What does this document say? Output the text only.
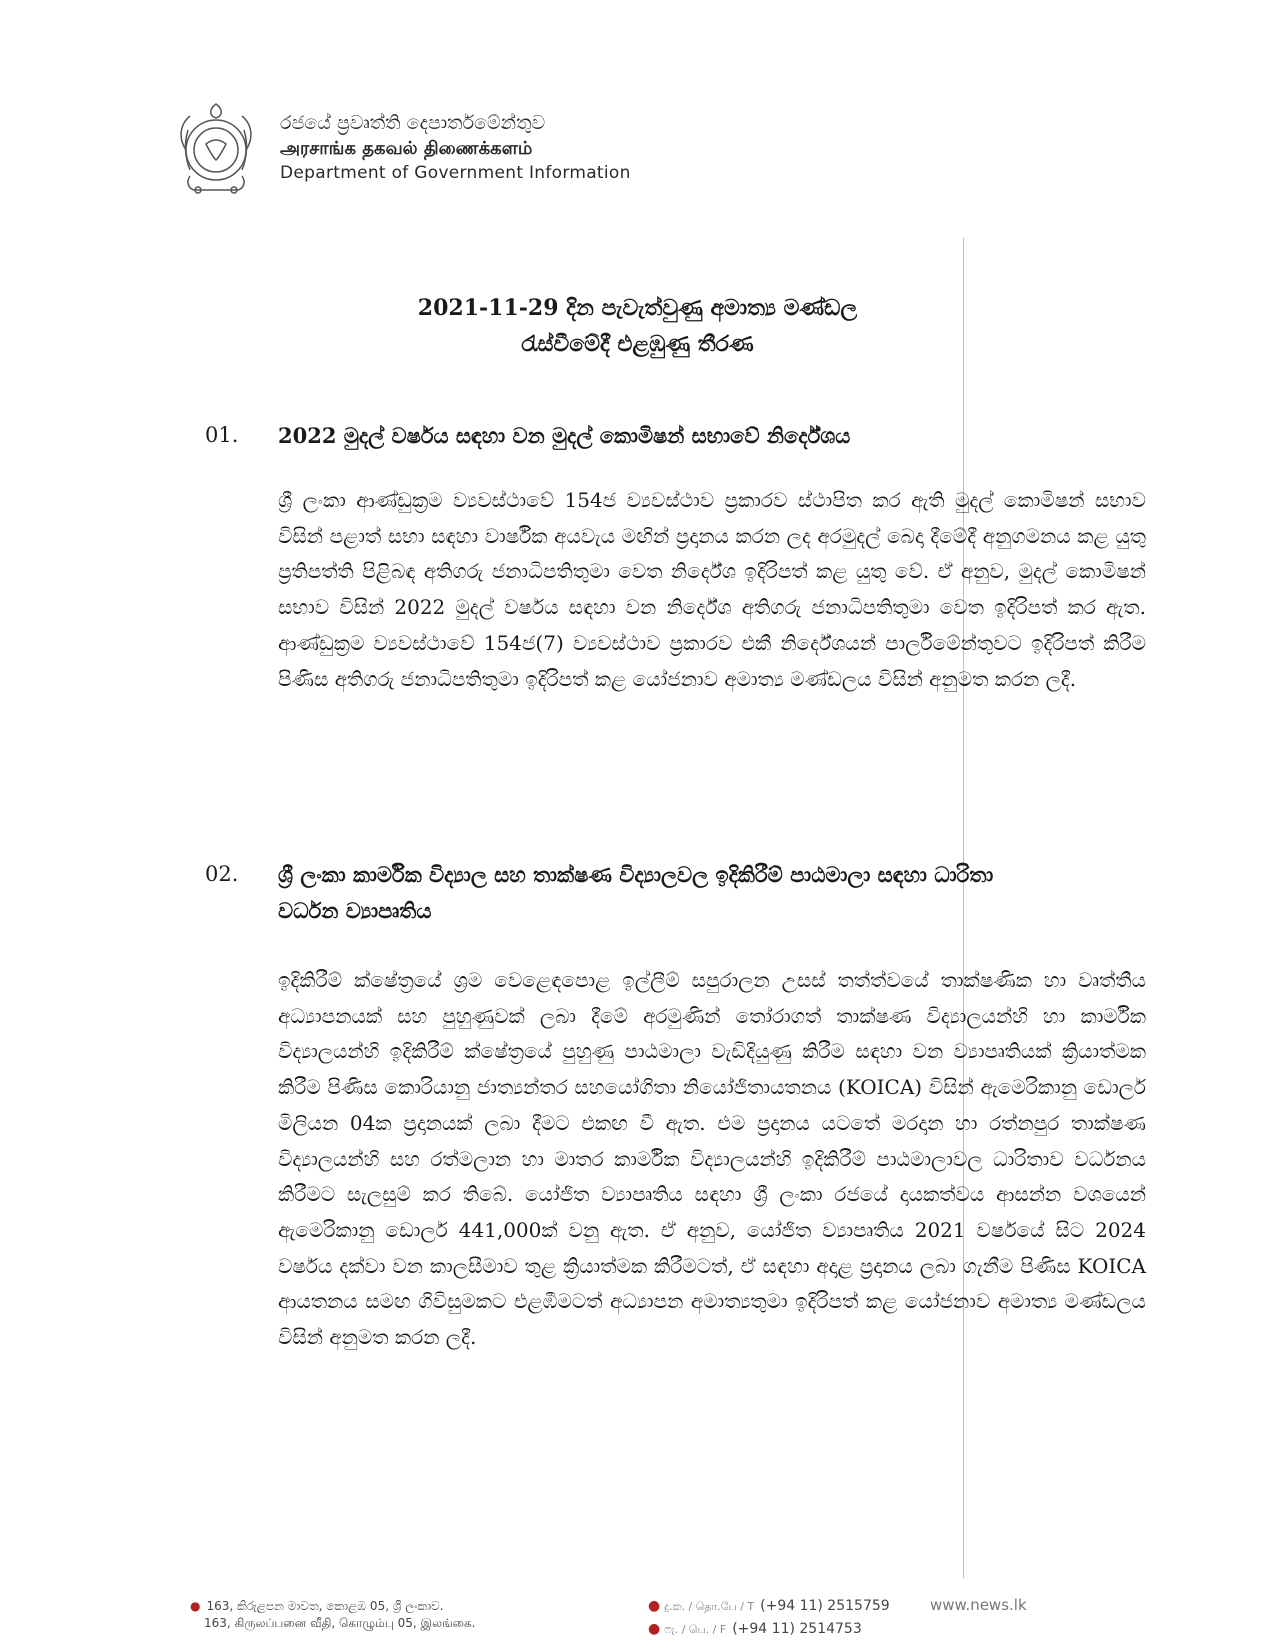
රජයේ ප්‍රවෘත්ති දෙපාර්තමේන්තුව
அரசாங்க தகவல் திணைக்களம்
Department of Government Information
2021-11-29 දින පැවැත්වුණු අමාත්‍ය මණ්ඩල
රැස්වීමේදී එළඹුණු තීරණ
01. 2022 මුදල් වර්ෂය සඳහා වන මුදල් කොමිෂන් සභාවේ නිර්දේශය
ශ්‍රී ලංකා ආණ්ඩුක්‍රම ව්‍යවස්ථාවේ 154ජ ව්‍යවස්ථාව ප්‍රකාරව ස්ථාපිත කර ඇති මුදල් කොමිෂන් සභාව විසින් පළාත් සභා සඳහා වාර්ෂික අයවැය මඟින් ප්‍රදානය කරන ලද අරමුදල් බෙදා දීමේදී අනුගමනය කළ යුතු ප්‍රතිපත්ති පිළිබඳ අතිගරු ජනාධිපතිතුමා වෙත නිර්දේශ ඉදිරිපත් කළ යුතු වේ. ඒ අනුව, මුදල් කොමිෂන් සභාව විසින් 2022 මුදල් වර්ෂය සඳහා වන නිර්දේශ අතිගරු ජනාධිපතිතුමා වෙත ඉදිරිපත් කර ඇත. ආණ්ඩුක්‍රම ව්‍යවස්ථාවේ 154ජ(7) ව්‍යවස්ථාව ප්‍රකාරව එකී නිර්දේශයන් පාර්ලිමේන්තුවට ඉදිරිපත් කිරීම පිණිස අතිගරු ජනාධිපතිතුමා ඉදිරිපත් කළ යෝජනාව අමාත්‍ය මණ්ඩලය විසින් අනුමත කරන ලදී.
02. ශ්‍රී ලංකා කාර්මික විද්‍යාල සහ තාක්ෂණ විද්‍යාලවල ඉදිකිරීම් පාඨමාලා සඳහා ධාරිතා වර්ධන ව්‍යාපෘතිය
ඉදිකිරීම් ක්ෂේත්‍රයේ ශ්‍රම වෙළෙඳපොළ ඉල්ලීම් සපුරාලන උසස් තත්ත්වයේ තාක්ෂණික හා වෘත්තීය අධ්‍යාපනයක් සහ පුහුණුවක් ලබා දීමේ අරමුණින් තෝරාගත් තාක්ෂණ විද්‍යාලයන්හි හා කාර්මික විද්‍යාලයන්හි ඉදිකිරීම් ක්ෂේත්‍රයේ පුහුණු පාඨමාලා වැඩිදියුණු කිරීම සඳහා වන ව්‍යාපෘතියක් ක්‍රියාත්මක කිරීම පිණිස කොරියානු ජාත්‍යන්තර සහයෝගිතා නියෝජිතායතනය (KOICA) විසින් ඇමෙරිකානු ඩොලර් මිලියන 04ක ප්‍රදානයක් ලබා දීමට එකඟ වී ඇත. එම ප්‍රදානය යටතේ මරදාන හා රත්නපුර තාක්ෂණ විද්‍යාලයන්හි සහ රත්මලාන හා මාතර කාර්මික විද්‍යාලයන්හි ඉදිකිරීම් පාඨමාලාවල ධාරිතාව වර්ධනය කිරීමට සැලසුම් කර තිබේ. යෝජිත ව්‍යාපෘතිය සඳහා ශ්‍රී ලංකා රජයේ දායකත්වය ආසන්න වශයෙන් ඇමෙරිකානු ඩොලර් 441,000ක් වනු ඇත. ඒ අනුව, යෝජිත ව්‍යාපෘතිය 2021 වර්ෂයේ සිට 2024 වර්ෂය දක්වා වන කාලසීමාව තුළ ක්‍රියාත්මක කිරීමටත්, ඒ සඳහා අදාළ ප්‍රදානය ලබා ගැනීම පිණිස KOICA ආයතනය සමඟ ගිවිසුමකට එළඹීමටත් අධ්‍යාපන අමාත්‍යතුමා ඉදිරිපත් කළ යෝජනාව අමාත්‍ය මණ්ඩලය විසින් අනුමත කරන ලදී.
● 163, කිරුළපන මාවත, කොළඹ 05, ශ්‍රී ලංකාව.
163, கிருலப்பனை வீதி, கொழும்பு 05, இலங்கை.
● දු.ක. / தொ.பே / T (+94 11) 2515759
● ෆැ. / பெ. / F (+94 11) 2514753
www.news.lk
